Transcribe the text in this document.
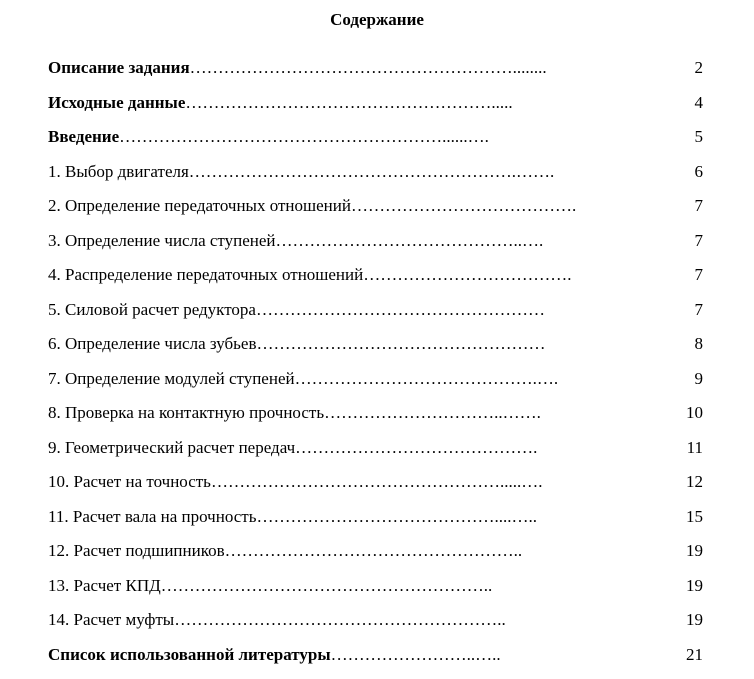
Содержание
Описание задания…………………………………………………........	2
Исходные данные……………………………………………….....	4
Введение…………………………………………………......….	5
1. Выбор двигателя………………………………………………….…….	6
2. Определение передаточных отношений………………………………….	7
3. Определение числа ступеней……………………………………..….	7
4. Распределение передаточных отношений……………………………….	7
5. Силовой расчет редуктора……………………………………………	7
6. Определение числа зубьев……………………………………………	8
7. Определение модулей ступеней…………………………………….….	9
8. Проверка на контактную прочность…………………………..…….	10
9. Геометрический расчет передач…………………………………….	11
10. Расчет на точность…………………………………………….....….	12
11. Расчет вала на прочность……………………………………....…..	15
12. Расчет подшипников……………………………………………..	19
13. Расчет КПД…………………………………………………..	19
14. Расчет муфты…………………………………………………..	19
Список использованной литературы……………………..…..	21
